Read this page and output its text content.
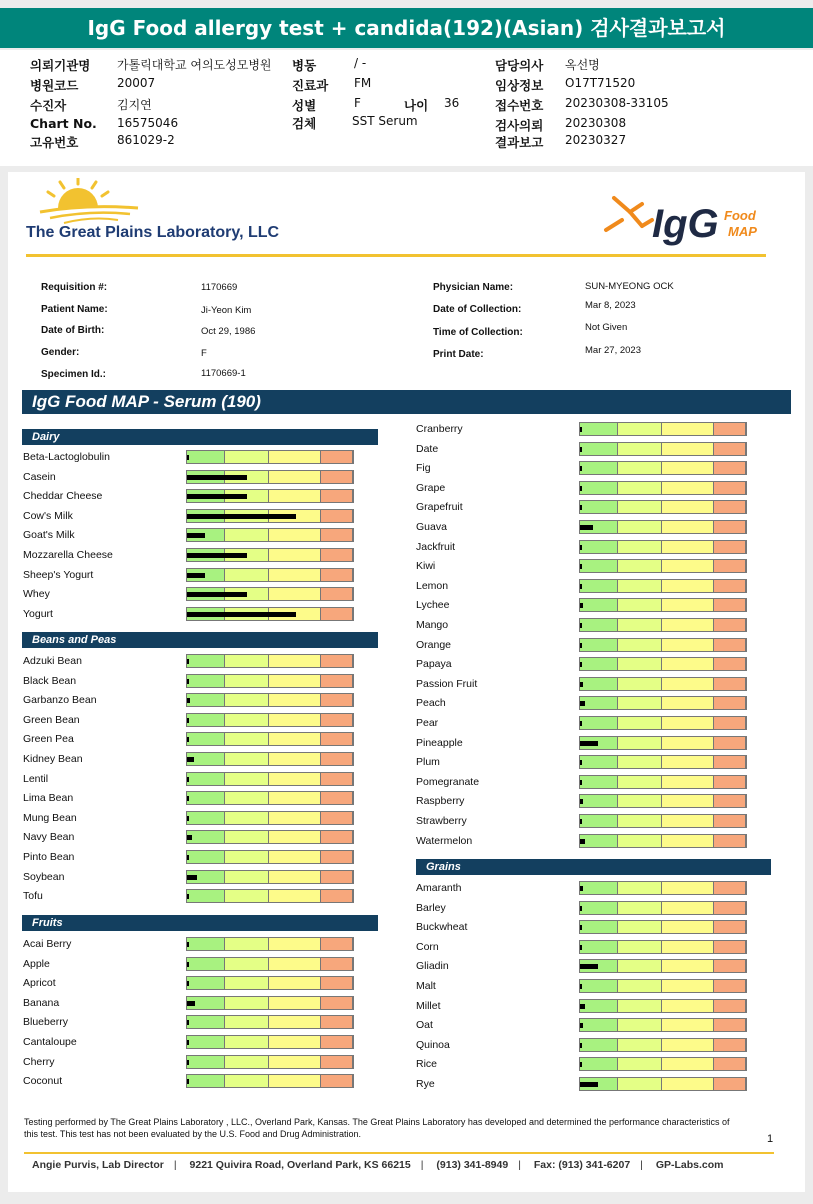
IgG Food allergy test + candida(192)(Asian) 검사결과보고서
의뢰기관명 가톨릭대학교 여의도성모병원
병원코드	20007
수진자	김지연
Chart No. 16575046
고유번호	861029-2
병동	/ -
진료과 FM
성별	F	나이 36
검체	SST Serum
담당의사 옥선명
임상정보 O17T71520
접수번호 20230308-33105
검사의뢰 20230308
결과보고 20230327
The Great Plains Laboratory, LLC	IgG Food
MAP
Requisition #:	1170669
Patient Name:	Ji-Yeon Kim
Date of Birth:	Oct 29, 1986
Gender:	F
Specimen Id.:	1170669-1
Physician Name:	SUN-MYEONG OCK
Date of Collection:	Mar 8, 2023
Time of Collection:	Not Given
Print Date:	Mar 27, 2023
IgG Food MAP - Serum (190)
Dairy
Beta-Lactoglobulin
Casein
Cheddar Cheese
Cow's Milk
Goat's Milk
Mozzarella Cheese
Sheep's Yogurt
Whey
Yogurt
Beans and Peas
Adzuki Bean
Black Bean
Garbanzo Bean
Green Bean
Green Pea
Kidney Bean
Lentil
Lima Bean
Mung Bean
Navy Bean
Pinto Bean
Soybean
Tofu
Fruits
Acai Berry
Apple
Apricot
Banana
Blueberry
Cantaloupe
Cherry
Coconut
Cranberry
Date
Fig
Grape
Grapefruit
Guava
Jackfruit
Kiwi
Lemon
Lychee
Mango
Orange
Papaya
Passion Fruit
Peach
Pear
Pineapple
Plum
Pomegranate
Raspberry
Strawberry
Watermelon
Grains
Amaranth
Barley
Buckwheat
Corn
Gliadin
Malt
Millet
Oat
Quinoa
Rice
Rye
Testing performed by The Great Plains Laboratory , LLC., Overland Park, Kansas. The Great Plains Laboratory has developed and determined the performance characteristics of this test. This test has not been evaluated by the U.S. Food and Drug Administration.	1
Angie Purvis, Lab Director | 9221 Quivira Road, Overland Park, KS 66215 | (913) 341-8949 | Fax: (913) 341-6207 | GP-Labs.com
